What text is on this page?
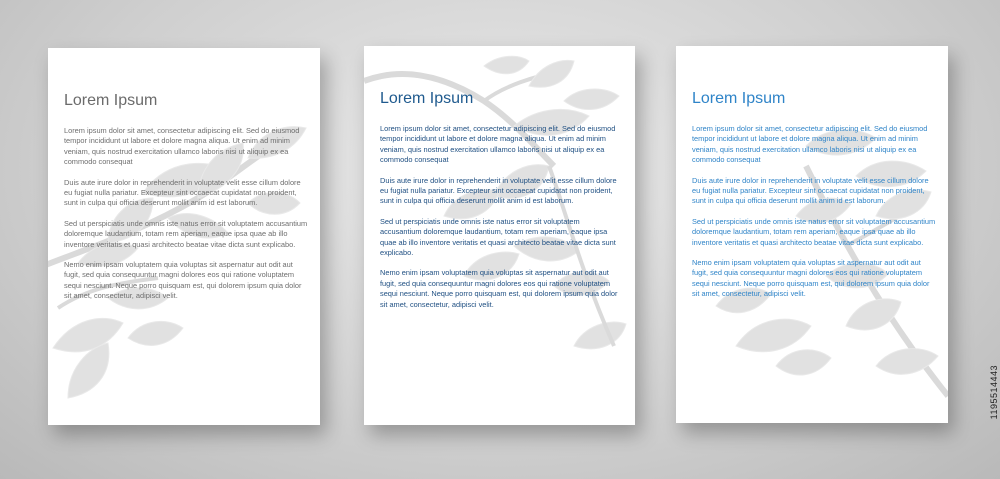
Lorem Ipsum

Lorem ipsum dolor sit amet, consectetur adipiscing elit. Sed do eiusmod tempor incididunt ut labore et dolore magna aliqua. Ut enim ad minim veniam, quis nostrud exercitation ullamco laboris nisi ut aliquip ex ea commodo consequat

Duis aute irure dolor in reprehenderit in voluptate velit esse cillum dolore eu fugiat nulla pariatur. Excepteur sint occaecat cupidatat non proident, sunt in culpa qui officia deserunt mollit anim id est laborum.

Sed ut perspiciatis unde omnis iste natus error sit voluptatem accusantium doloremque laudantium, totam rem aperiam, eaque ipsa quae ab illo inventore veritatis et quasi architecto beatae vitae dicta sunt explicabo.

Nemo enim ipsam voluptatem quia voluptas sit aspernatur aut odit aut fugit, sed quia consequuntur magni dolores eos qui ratione voluptatem sequi nesciunt. Neque porro quisquam est, qui dolorem ipsum quia dolor sit amet, consectetur, adipisci velit.

Lorem Ipsum

Lorem ipsum dolor sit amet, consectetur adipiscing elit. Sed do eiusmod tempor incididunt ut labore et dolore magna aliqua. Ut enim ad minim veniam, quis nostrud exercitation ullamco laboris nisi ut aliquip ex ea commodo consequat

Duis aute irure dolor in reprehenderit in voluptate velit esse cillum dolore eu fugiat nulla pariatur. Excepteur sint occaecat cupidatat non proident, sunt in culpa qui officia deserunt mollit anim id est laborum.

Sed ut perspiciatis unde omnis iste natus error sit voluptatem accusantium doloremque laudantium, totam rem aperiam, eaque ipsa quae ab illo inventore veritatis et quasi architecto beatae vitae dicta sunt explicabo.

Nemo enim ipsam voluptatem quia voluptas sit aspernatur aut odit aut fugit, sed quia consequuntur magni dolores eos qui ratione voluptatem sequi nesciunt. Neque porro quisquam est, qui dolorem ipsum quia dolor sit amet, consectetur, adipisci velit.

Lorem Ipsum

Lorem ipsum dolor sit amet, consectetur adipiscing elit. Sed do eiusmod tempor incididunt ut labore et dolore magna aliqua. Ut enim ad minim veniam, quis nostrud exercitation ullamco laboris nisi ut aliquip ex ea commodo consequat

Duis aute irure dolor in reprehenderit in voluptate velit esse cillum dolore eu fugiat nulla pariatur. Excepteur sint occaecat cupidatat non proident, sunt in culpa qui officia deserunt mollit anim id est laborum.

Sed ut perspiciatis unde omnis iste natus error sit voluptatem accusantium doloremque laudantium, totam rem aperiam, eaque ipsa quae ab illo inventore veritatis et quasi architecto beatae vitae dicta sunt explicabo.

Nemo enim ipsam voluptatem quia voluptas sit aspernatur aut odit aut fugit, sed quia consequuntur magni dolores eos qui ratione voluptatem sequi nesciunt. Neque porro quisquam est, qui dolorem ipsum quia dolor sit amet, consectetur, adipisci velit.

1195514443
